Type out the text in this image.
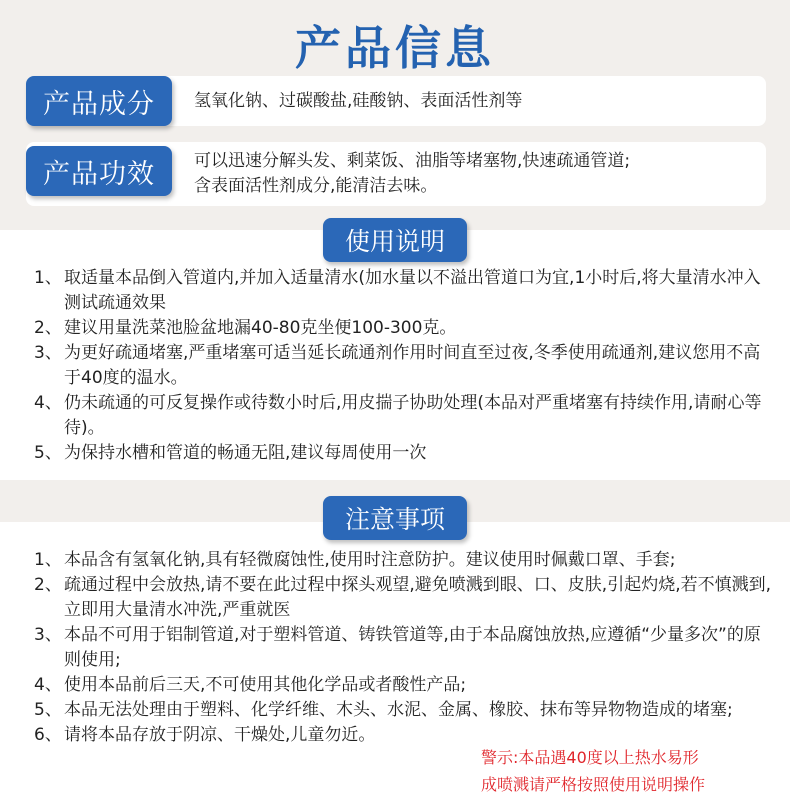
产品信息
产品成分	氢氧化钠、过碳酸盐,硅酸钠、表面活性剂等
产品功效	可以迅速分解头发、剩菜饭、油脂等堵塞物,快速疏通管道;
含表面活性剂成分,能清洁去味。
使用说明
1、 取适量本品倒入管道内,并加入适量清水(加水量以不溢出管道口为宜,1小时后,将大量清水冲入测试疏通效果
2、 建议用量洗菜池脸盆地漏40-80克坐便100-300克。
3、 为更好疏通堵塞,严重堵塞可适当延长疏通剂作用时间直至过夜,冬季使用疏通剂,建议您用不高于40度的温水。
4、 仍未疏通的可反复操作或待数小时后,用皮揣子协助处理(本品对严重堵塞有持续作用,请耐心等待)。
5、 为保持水槽和管道的畅通无阻,建议每周使用一次
注意事项
1、 本品含有氢氧化钠,具有轻微腐蚀性,使用时注意防护。建议使用时佩戴口罩、手套;
2、 疏通过程中会放热,请不要在此过程中探头观望,避免喷溅到眼、口、皮肤,引起灼烧,若不慎溅到,立即用大量清水冲洗,严重就医
3、 本品不可用于铝制管道,对于塑料管道、铸铁管道等,由于本品腐蚀放热,应遵循“少量多次”的原则使用;
4、 使用本品前后三天,不可使用其他化学品或者酸性产品;
5、 本品无法处理由于塑料、化学纤维、木头、水泥、金属、橡胶、抹布等异物物造成的堵塞;
6、 请将本品存放于阴凉、干燥处,儿童勿近。
警示:本品遇40度以上热水易形
成喷溅请严格按照使用说明操作
